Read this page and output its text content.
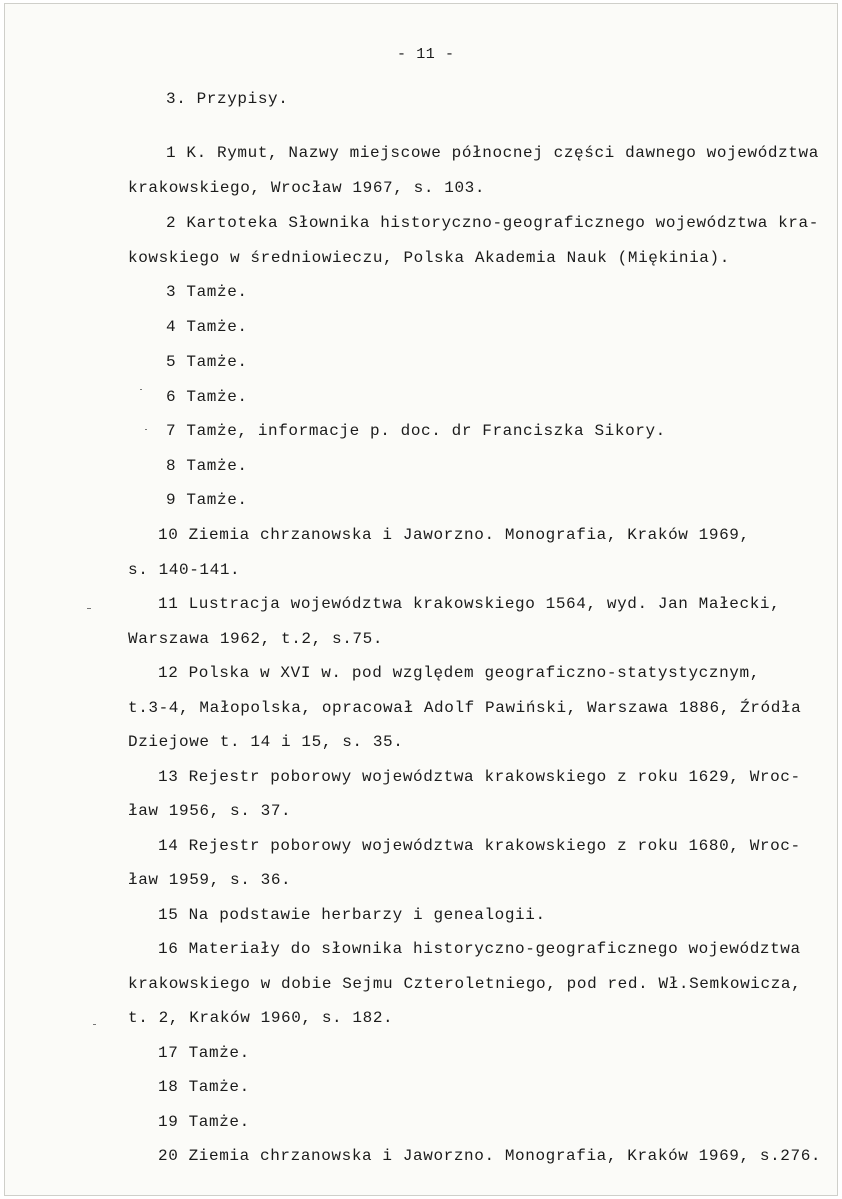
- 11 -
3. Przypisy.
1 K. Rymut, Nazwy miejscowe północnej części dawnego województwa
krakowskiego, Wrocław 1967, s. 103.
2 Kartoteka Słownika historyczno-geograficznego województwa kra-
kowskiego w średniowieczu, Polska Akademia Nauk (Miękinia).
3 Tamże.
4 Tamże.
5 Tamże.
6 Tamże.
7 Tamże, informacje p. doc. dr Franciszka Sikory.
8 Tamże.
9 Tamże.
10 Ziemia chrzanowska i Jaworzno. Monografia, Kraków 1969,
s. 140-141.
11 Lustracja województwa krakowskiego 1564, wyd. Jan Małecki,
Warszawa 1962, t.2, s.75.
12 Polska w XVI w. pod względem geograficzno-statystycznym,
t.3-4, Małopolska, opracował Adolf Pawiński, Warszawa 1886, Źródła
Dziejowe t. 14 i 15, s. 35.
13 Rejestr poborowy województwa krakowskiego z roku 1629, Wroc-
ław 1956, s. 37.
14 Rejestr poborowy województwa krakowskiego z roku 1680, Wroc-
ław 1959, s. 36.
15 Na podstawie herbarzy i genealogii.
16 Materiały do słownika historyczno-geograficznego województwa
krakowskiego w dobie Sejmu Czteroletniego, pod red. Wł.Semkowicza,
t. 2, Kraków 1960, s. 182.
17 Tamże.
18 Tamże.
19 Tamże.
20 Ziemia chrzanowska i Jaworzno. Monografia, Kraków 1969, s.276.
